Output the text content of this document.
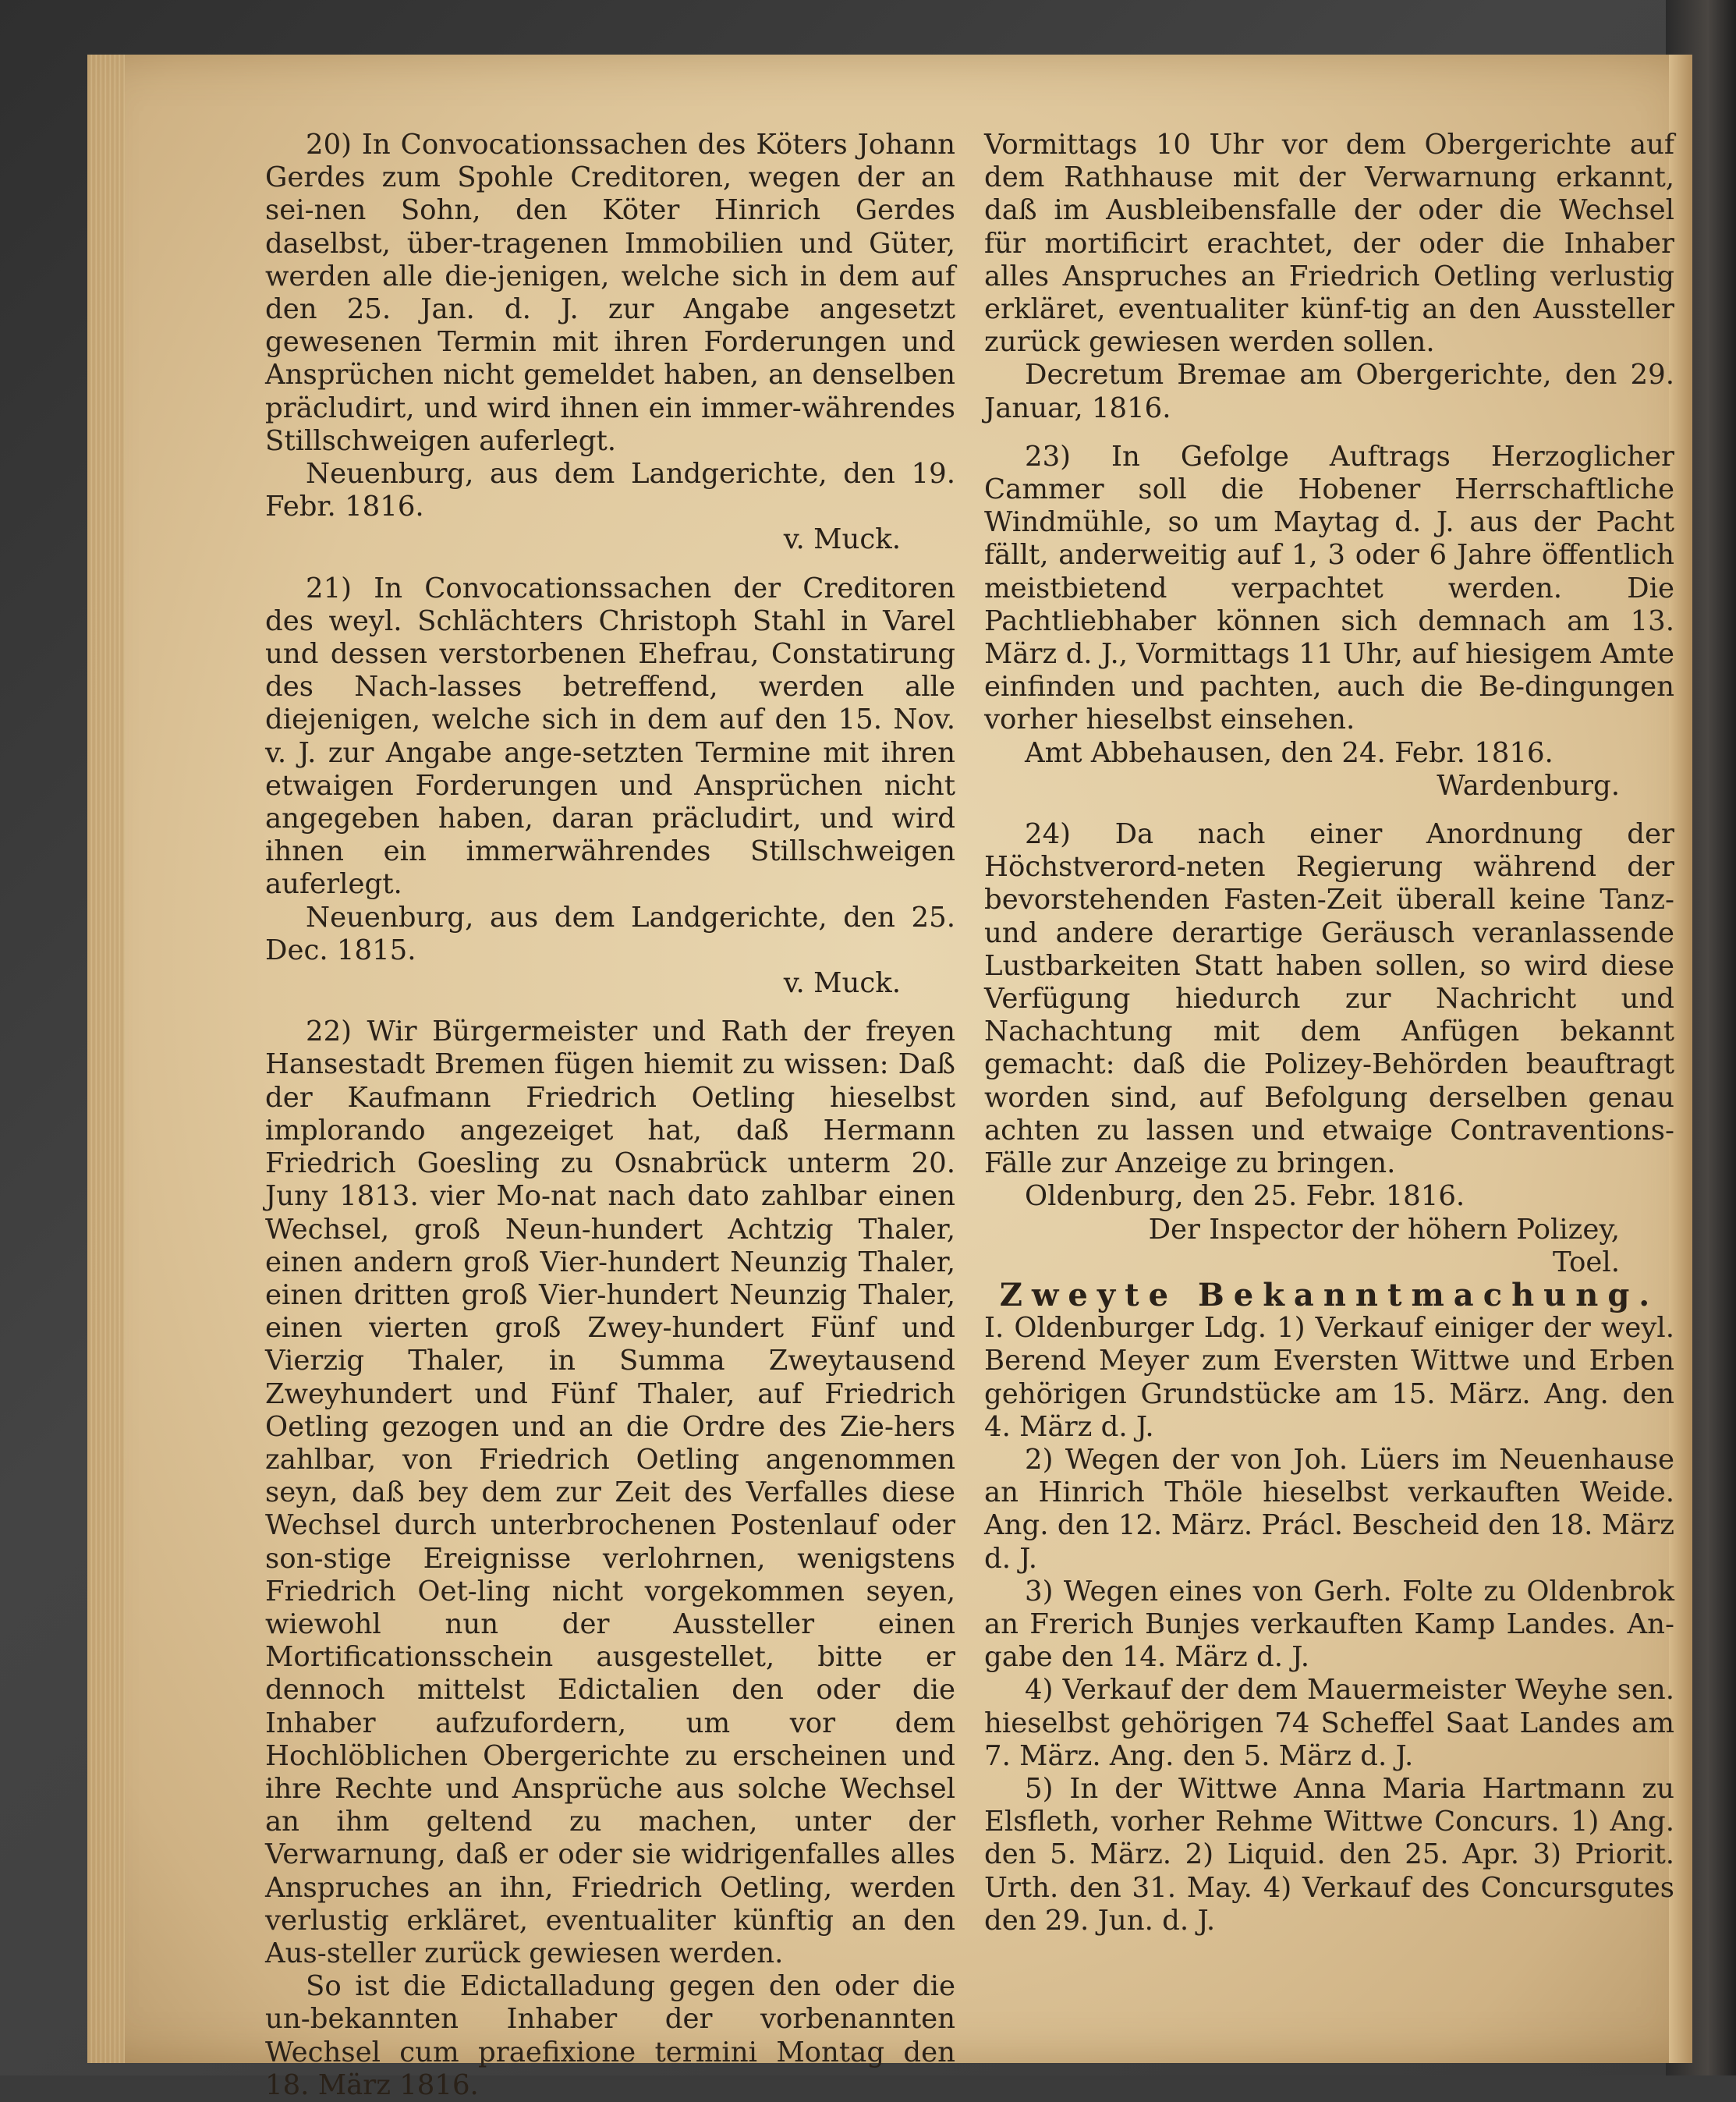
20) In Convocationssachen des Köters Johann Gerdes zum Spohle Creditoren, wegen der an sei-nen Sohn, den Köter Hinrich Gerdes daselbst, über-tragenen Immobilien und Güter, werden alle die-jenigen, welche sich in dem auf den 25. Jan. d. J. zur Angabe angesetzt gewesenen Termin mit ihren Forderungen und Ansprüchen nicht gemeldet haben, an denselben präcludirt, und wird ihnen ein immer-währendes Stillschweigen auferlegt.

Neuenburg, aus dem Landgerichte, den 19. Febr. 1816.

v. Muck.

21) In Convocationssachen der Creditoren des weyl. Schlächters Christoph Stahl in Varel und dessen verstorbenen Ehefrau, Constatirung des Nach-lasses betreffend, werden alle diejenigen, welche sich in dem auf den 15. Nov. v. J. zur Angabe ange-setzten Termine mit ihren etwaigen Forderungen und Ansprüchen nicht angegeben haben, daran präcludirt, und wird ihnen ein immerwährendes Stillschweigen auferlegt.

Neuenburg, aus dem Landgerichte, den 25. Dec. 1815.

v. Muck.

22) Wir Bürgermeister und Rath der freyen Hansestadt Bremen fügen hiemit zu wissen: Daß der Kaufmann Friedrich Oetling hieselbst implorando angezeiget hat, daß Hermann Friedrich Goesling zu Osnabrück unterm 20. Juny 1813. vier Mo-nat nach dato zahlbar einen Wechsel, groß Neun-hundert Achtzig Thaler, einen andern groß Vier-hundert Neunzig Thaler, einen dritten groß Vier-hundert Neunzig Thaler, einen vierten groß Zwey-hundert Fünf und Vierzig Thaler, in Summa Zweytausend Zweyhundert und Fünf Thaler, auf Friedrich Oetling gezogen und an die Ordre des Zie-hers zahlbar, von Friedrich Oetling angenommen seyn, daß bey dem zur Zeit des Verfalles diese Wechsel durch unterbrochenen Postenlauf oder son-stige Ereignisse verlohrnen, wenigstens Friedrich Oet-ling nicht vorgekommen seyen, wiewohl nun der Aussteller einen Mortificationsschein ausgestellet, bitte er dennoch mittelst Edictalien den oder die Inhaber aufzufordern, um vor dem Hochlöblichen Obergerichte zu erscheinen und ihre Rechte und Ansprüche aus solche Wechsel an ihm geltend zu machen, unter der Verwarnung, daß er oder sie widrigenfalles alles Anspruches an ihn, Friedrich Oetling, werden verlustig erkläret, eventualiter künftig an den Aus-steller zurück gewiesen werden.

So ist die Edictalladung gegen den oder die un-bekannten Inhaber der vorbenannten Wechsel cum praefixione termini Montag den 18. März 1816.

Vormittags 10 Uhr vor dem Obergerichte auf dem Rathhause mit der Verwarnung erkannt, daß im Ausbleibensfalle der oder die Wechsel für mortificirt erachtet, der oder die Inhaber alles Anspruches an Friedrich Oetling verlustig erkläret, eventualiter künf-tig an den Aussteller zurück gewiesen werden sollen.

Decretum Bremae am Obergerichte, den 29. Januar, 1816.

23) In Gefolge Auftrags Herzoglicher Cammer soll die Hobener Herrschaftliche Windmühle, so um Maytag d. J. aus der Pacht fällt, anderweitig auf 1, 3 oder 6 Jahre öffentlich meistbietend verpachtet werden. Die Pachtliebhaber können sich demnach am 13. März d. J., Vormittags 11 Uhr, auf hiesigem Amte einfinden und pachten, auch die Be-dingungen vorher hieselbst einsehen.

Amt Abbehausen, den 24. Febr. 1816.

Wardenburg.

24) Da nach einer Anordnung der Höchstverord-neten Regierung während der bevorstehenden Fasten-Zeit überall keine Tanz- und andere derartige Geräusch veranlassende Lustbarkeiten Statt haben sollen, so wird diese Verfügung hiedurch zur Nachricht und Nachachtung mit dem Anfügen bekannt gemacht: daß die Polizey-Behörden beauftragt worden sind, auf Befolgung derselben genau achten zu lassen und etwaige Contraventions-Fälle zur Anzeige zu bringen.

Oldenburg, den 25. Febr. 1816.

Der Inspector der höhern Polizey,

Toel.

Zweyte Bekanntmachung.

I. Oldenburger Ldg. 1) Verkauf einiger der weyl. Berend Meyer zum Eversten Wittwe und Erben gehörigen Grundstücke am 15. März. Ang. den 4. März d. J.

2) Wegen der von Joh. Lüers im Neuenhause an Hinrich Thöle hieselbst verkauften Weide. Ang. den 12. März. Prácl. Bescheid den 18. März d. J.

3) Wegen eines von Gerh. Folte zu Oldenbrok an Frerich Bunjes verkauften Kamp Landes. An-gabe den 14. März d. J.

4) Verkauf der dem Mauermeister Weyhe sen. hieselbst gehörigen 74 Scheffel Saat Landes am 7. März. Ang. den 5. März d. J.

5) In der Wittwe Anna Maria Hartmann zu Elsfleth, vorher Rehme Wittwe Concurs. 1) Ang. den 5. März. 2) Liquid. den 25. Apr. 3) Priorit. Urth. den 31. May. 4) Verkauf des Concursgutes den 29. Jun. d. J.
